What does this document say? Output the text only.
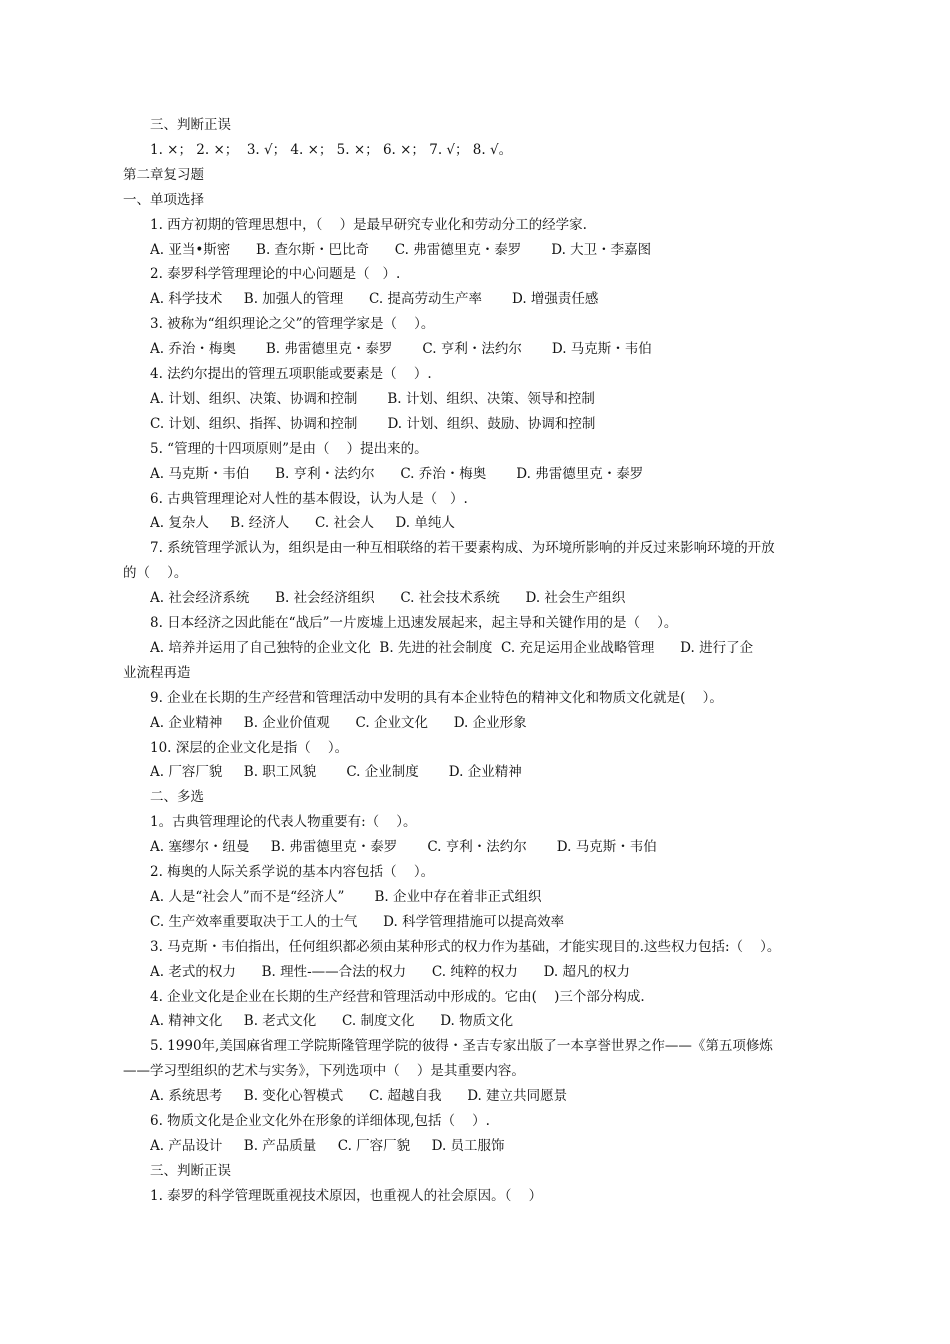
三、判断正误
1. ×； 2. ×；  3. √； 4. ×； 5. ×； 6. ×； 7. √； 8. √。
第二章复习题
一、单项选择
1. 西方初期的管理思想中，（    ）是最早研究专业化和劳动分工的经学家.
A. 亚当•斯密      B. 查尔斯・巴比奇      C. 弗雷德里克・泰罗       D. 大卫・李嘉图
2. 泰罗科学管理理论的中心问题是（   ）.
A. 科学技术     B. 加强人的管理      C. 提高劳动生产率       D. 增强责任感
3. 被称为“组织理论之父”的管理学家是（    ）。
A. 乔治・梅奥       B. 弗雷德里克・泰罗       C. 亨利・法约尔       D. 马克斯・韦伯
4. 法约尔提出的管理五项职能或要素是（    ）.
A. 计划、组织、决策、协调和控制       B. 计划、组织、决策、领导和控制
C. 计划、组织、指挥、协调和控制       D. 计划、组织、鼓励、协调和控制
5. “管理的十四项原则”是由（    ）提出来的。
A. 马克斯・韦伯      B. 亨利・法约尔      C. 乔治・梅奥       D. 弗雷德里克・泰罗
6. 古典管理理论对人性的基本假设，认为人是（   ）.
A. 复杂人     B. 经济人      C. 社会人     D. 单纯人
7. 系统管理学派认为，组织是由一种互相联络的若干要素构成、为环境所影响的并反过来影响环境的开放
的（    ）。
A. 社会经济系统      B. 社会经济组织      C. 社会技术系统      D. 社会生产组织
8. 日本经济之因此能在“战后”一片废墟上迅速发展起来，起主导和关键作用的是（    ）。
A. 培养并运用了自己独特的企业文化  B. 先进的社会制度  C. 充足运用企业战略管理      D. 进行了企
业流程再造
9. 企业在长期的生产经营和管理活动中发明的具有本企业特色的精神文化和物质文化就是(    ）。
A. 企业精神     B. 企业价值观      C. 企业文化      D. 企业形象
10. 深层的企业文化是指（    ）。
A. 厂容厂貌     B. 职工风貌       C. 企业制度       D. 企业精神
二、多选
1。古典管理理论的代表人物重要有:（    ）。
A. 塞缪尔・纽曼     B. 弗雷德里克・泰罗       C. 亨利・法约尔       D. 马克斯・韦伯
2. 梅奥的人际关系学说的基本内容包括（    ）。
A. 人是“社会人”而不是“经济人”       B. 企业中存在着非正式组织
C. 生产效率重要取决于工人的士气      D. 科学管理措施可以提高效率
3. 马克斯・韦伯指出，任何组织都必须由某种形式的权力作为基础，才能实现目的.这些权力包括:（    ）。
A. 老式的权力      B. 理性-——合法的权力      C. 纯粹的权力      D. 超凡的权力
4. 企业文化是企业在长期的生产经营和管理活动中形成的。它由(    )三个部分构成.
A. 精神文化     B. 老式文化      C. 制度文化      D. 物质文化
5. 1990年,美国麻省理工学院斯隆管理学院的彼得・圣吉专家出版了一本享誉世界之作——《第五项修炼
——学习型组织的艺术与实务》，下列选项中（    ）是其重要内容。
A. 系统思考     B. 变化心智模式      C. 超越自我      D. 建立共同愿景
6. 物质文化是企业文化外在形象的详细体现,包括（    ）.
A. 产品设计     B. 产品质量     C. 厂容厂貌     D. 员工服饰
三、判断正误
1. 泰罗的科学管理既重视技术原因，也重视人的社会原因。（    ）
